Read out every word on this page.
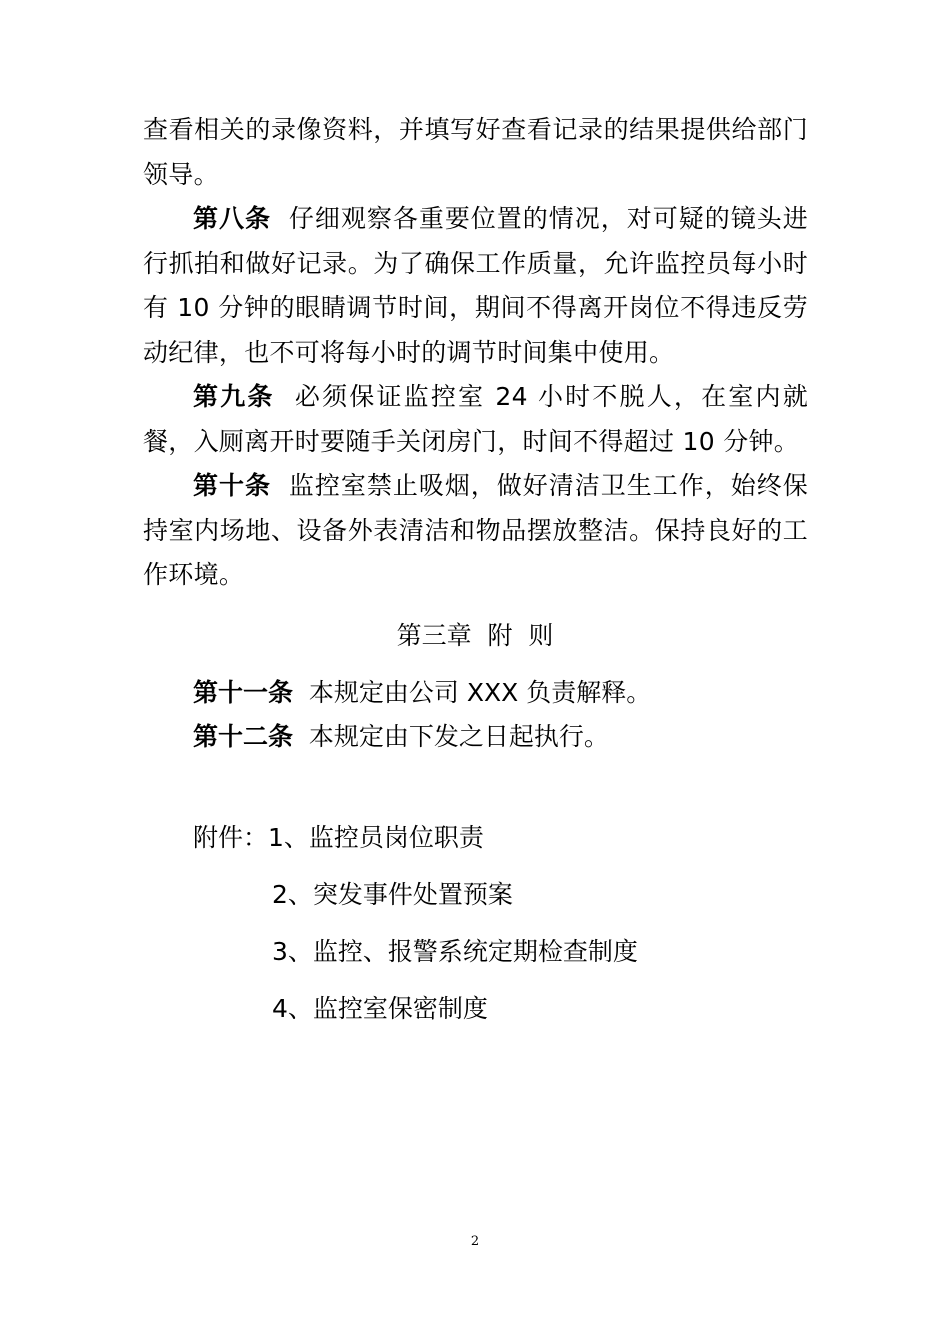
查看相关的录像资料，并填写好查看记录的结果提供给部门领导。

第八条 仔细观察各重要位置的情况，对可疑的镜头进行抓拍和做好记录。为了确保工作质量，允许监控员每小时有 10 分钟的眼睛调节时间，期间不得离开岗位不得违反劳动纪律，也不可将每小时的调节时间集中使用。

第九条 必须保证监控室 24 小时不脱人，在室内就餐，入厕离开时要随手关闭房门，时间不得超过 10 分钟。

第十条 监控室禁止吸烟，做好清洁卫生工作，始终保持室内场地、设备外表清洁和物品摆放整洁。保持良好的工作环境。

第三章  附  则
第十一条 本规定由公司 XXX 负责解释。
第十二条 本规定由下发之日起执行。
附件：1、监控员岗位职责
2、突发事件处置预案
3、监控、报警系统定期检查制度
4、监控室保密制度
2
